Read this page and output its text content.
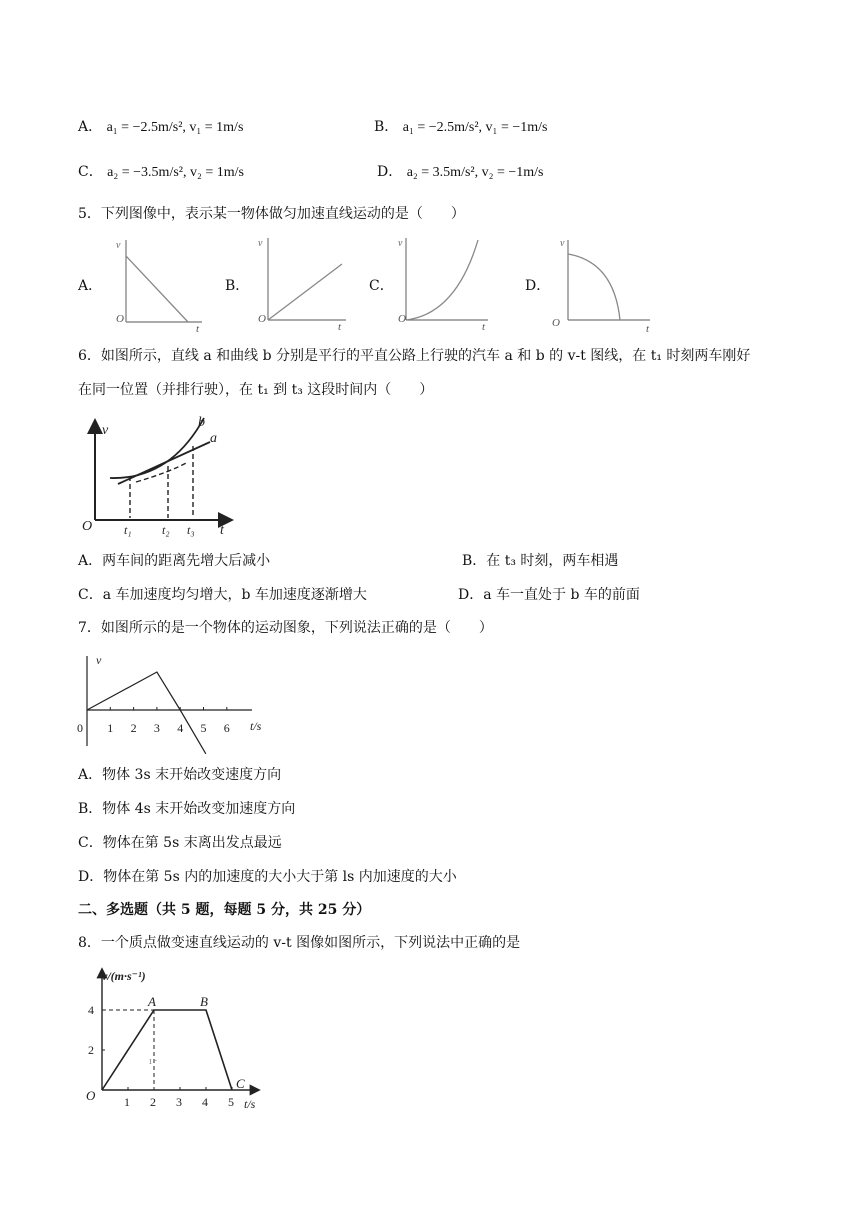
A． a₁ = −2.5m/s², v₁ = 1m/s	B． a₁ = −2.5m/s², v₁ = −1m/s
C． a₂ = −3.5m/s², v₂ = 1m/s	D． a₂ = 3.5m/s², v₂ = −1m/s
5．下列图像中，表示某一物体做匀加速直线运动的是（　　）
A．	B．	C．	D．
v
O
t
v
O
t
v
O
t
v
O	t
6．如图所示，直线 a 和曲线 b 分别是平行的平直公路上行驶的汽车 a 和 b 的 v-t 图线，在 t₁ 时刻两车刚好
在同一位置（并排行驶），在 t₁ 到 t₃ 这段时间内（　　）
v
O	t
b
a
t₁	t₂ t₃
A．两车间的距离先增大后减小	B．在 t₃ 时刻，两车相遇
C．a 车加速度均匀增大，b 车加速度逐渐增大	D．a 车一直处于 b 车的前面
7．如图所示的是一个物体的运动图象，下列说法正确的是（　　）
v
t/s
0 1 2 3 4 5 6
A．物体 3s 末开始改变速度方向
B．物体 4s 末开始改变加速度方向
C．物体在第 5s 末离出发点最远
D．物体在第 5s 内的加速度的大小大于第 ls 内加速度的大小
二、多选题（共 5 题，每题 5 分，共 25 分）
8．一个质点做变速直线运动的 v-t 图像如图所示，下列说法中正确的是
v/(m·s⁻¹)
t/s
O 1 2 3 4 5
2
4
A	B
C
ı ·
